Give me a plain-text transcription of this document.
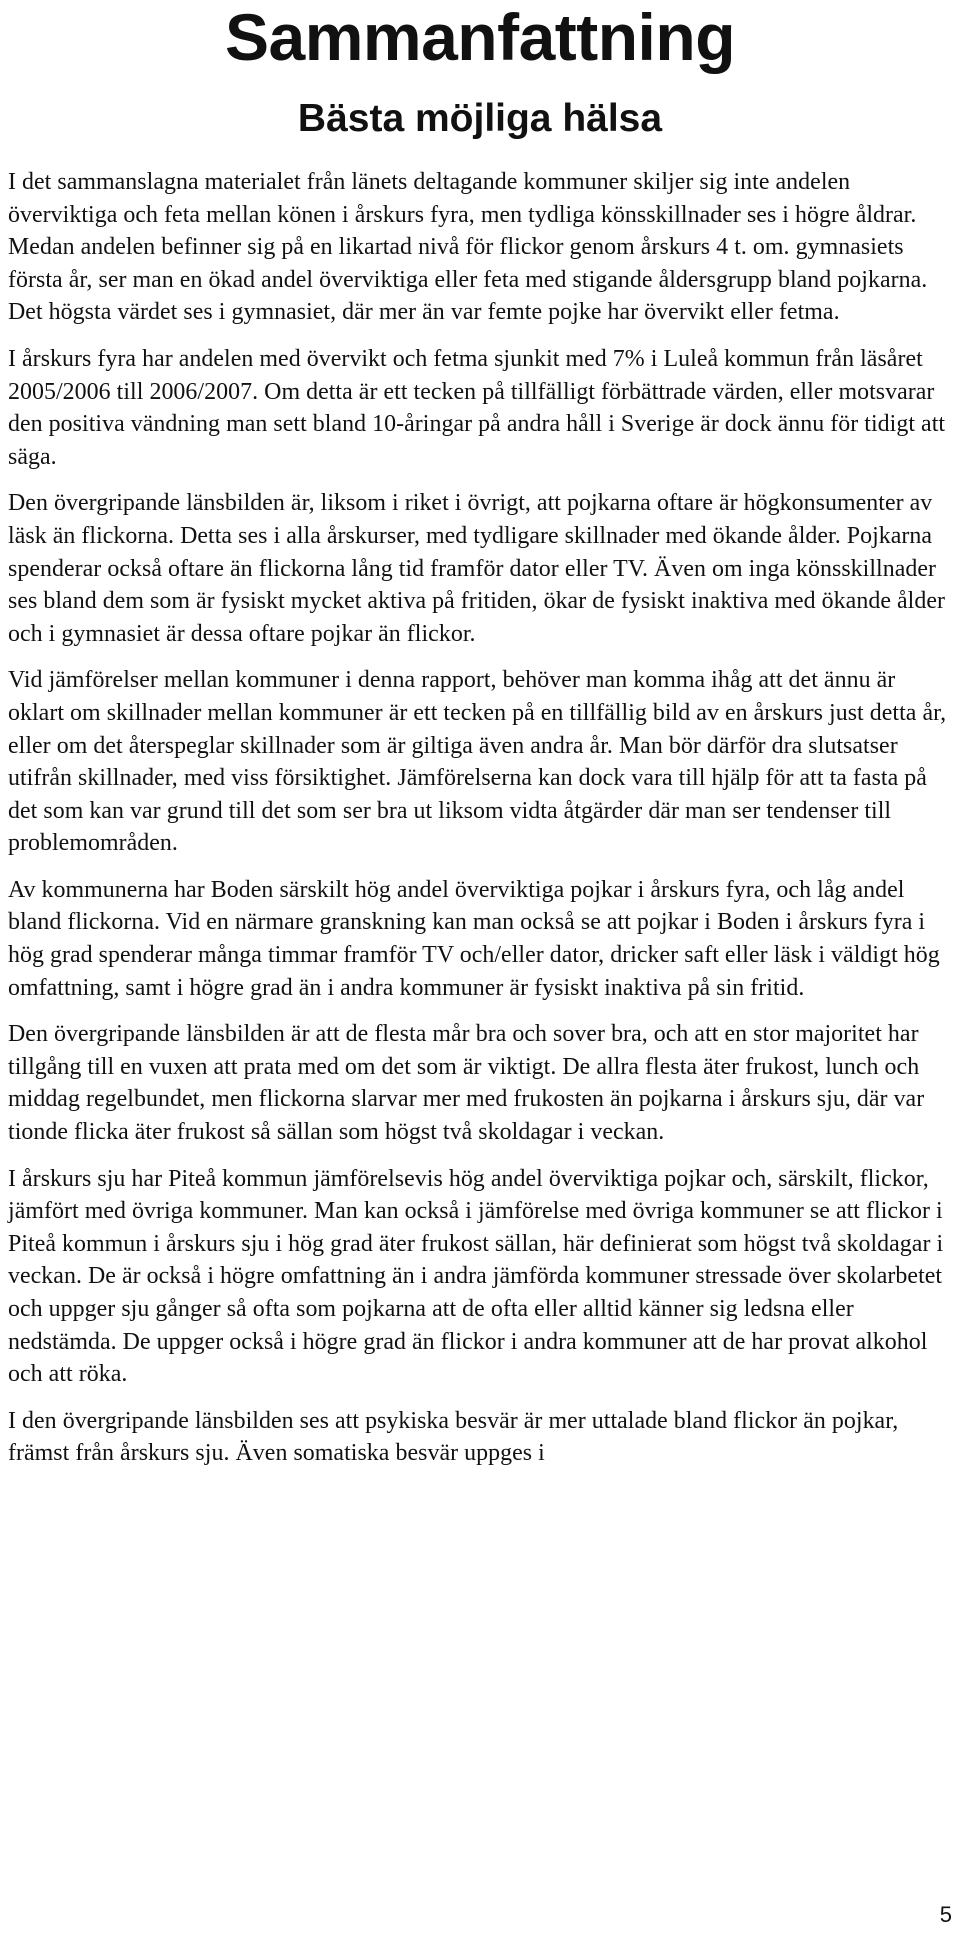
Sammanfattning
Bästa möjliga hälsa

I det sammanslagna materialet från länets deltagande kommuner skiljer sig inte andelen överviktiga och feta mellan könen i årskurs fyra, men tydliga könsskillnader ses i högre åldrar. Medan andelen befinner sig på en likartad nivå för flickor genom årskurs 4 t. om. gymnasiets första år, ser man en ökad andel överviktiga eller feta med stigande åldersgrupp bland pojkarna. Det högsta värdet ses i gymnasiet, där mer än var femte pojke har övervikt eller fetma.

I årskurs fyra har andelen med övervikt och fetma sjunkit med 7% i Luleå kommun från läsåret 2005/2006 till 2006/2007. Om detta är ett tecken på tillfälligt förbättrade värden, eller motsvarar den positiva vändning man sett bland 10-åringar på andra håll i Sverige är dock ännu för tidigt att säga.

Den övergripande länsbilden är, liksom i riket i övrigt, att pojkarna oftare är högkonsumenter av läsk än flickorna. Detta ses i alla årskurser, med tydligare skillnader med ökande ålder. Pojkarna spenderar också oftare än flickorna lång tid framför dator eller TV. Även om inga könsskillnader ses bland dem som är fysiskt mycket aktiva på fritiden, ökar de fysiskt inaktiva med ökande ålder och i gymnasiet är dessa oftare pojkar än flickor.

Vid jämförelser mellan kommuner i denna rapport, behöver man komma ihåg att det ännu är oklart om skillnader mellan kommuner är ett tecken på en tillfällig bild av en årskurs just detta år, eller om det återspeglar skillnader som är giltiga även andra år. Man bör därför dra slutsatser utifrån skillnader, med viss försiktighet. Jämförelserna kan dock vara till hjälp för att ta fasta på det som kan var grund till det som ser bra ut liksom vidta åtgärder där man ser tendenser till problemområden.

Av kommunerna har Boden särskilt hög andel överviktiga pojkar i årskurs fyra, och låg andel bland flickorna. Vid en närmare granskning kan man också se att pojkar i Boden i årskurs fyra i hög grad spenderar många timmar framför TV och/eller dator, dricker saft eller läsk i väldigt hög omfattning, samt i högre grad än i andra kommuner är fysiskt inaktiva på sin fritid.

Den övergripande länsbilden är att de flesta mår bra och sover bra, och att en stor majoritet har tillgång till en vuxen att prata med om det som är viktigt. De allra flesta äter frukost, lunch och middag regelbundet, men flickorna slarvar mer med frukosten än pojkarna i årskurs sju, där var tionde flicka äter frukost så sällan som högst två skoldagar i veckan.

I årskurs sju har Piteå kommun jämförelsevis hög andel överviktiga pojkar och, särskilt, flickor, jämfört med övriga kommuner. Man kan också i jämförelse med övriga kommuner se att flickor i Piteå kommun i årskurs sju i hög grad äter frukost sällan, här definierat som högst två skoldagar i veckan. De är också i högre omfattning än i andra jämförda kommuner stressade över skolarbetet och uppger sju gånger så ofta som pojkarna att de ofta eller alltid känner sig ledsna eller nedstämda. De uppger också i högre grad än flickor i andra kommuner att de har provat alkohol och att röka.

I den övergripande länsbilden ses att psykiska besvär är mer uttalade bland flickor än pojkar, främst från årskurs sju. Även somatiska besvär uppges i

5
